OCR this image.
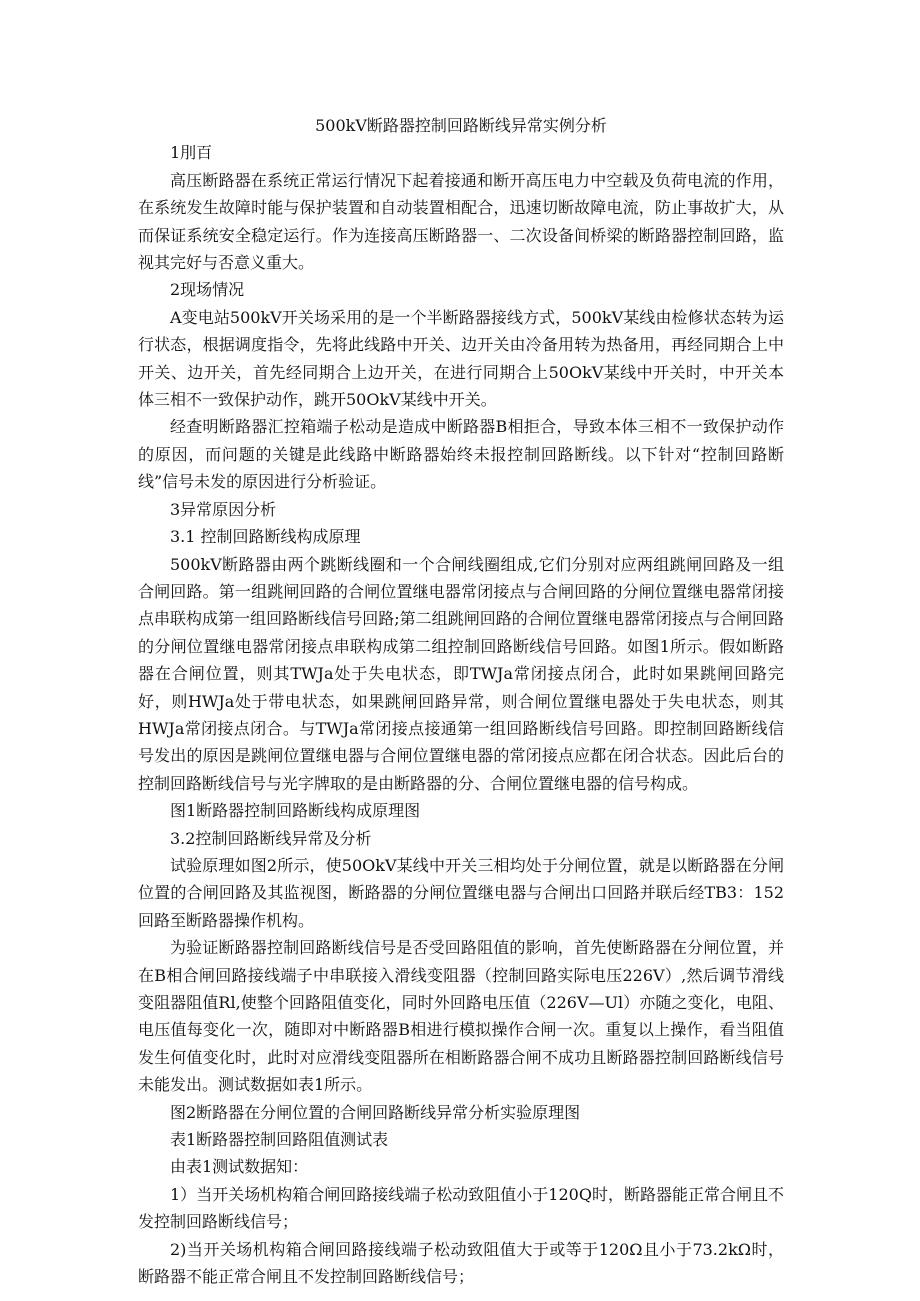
500kV断路器控制回路断线异常实例分析

1刖百

高压断路器在系统正常运行情况下起着接通和断开高压电力中空载及负荷电流的作用，在系统发生故障时能与保护装置和自动装置相配合，迅速切断故障电流，防止事故扩大，从而保证系统安全稳定运行。作为连接高压断路器一、二次设备间桥梁的断路器控制回路，监视其完好与否意义重大。

2现场情况

A变电站500kV开关场采用的是一个半断路器接线方式，500kV某线由检修状态转为运行状态，根据调度指令，先将此线路中开关、边开关由冷备用转为热备用，再经同期合上中开关、边开关，首先经同期合上边开关，在进行同期合上50OkV某线中开关时，中开关本体三相不一致保护动作，跳开50OkV某线中开关。

经查明断路器汇控箱端子松动是造成中断路器B相拒合，导致本体三相不一致保护动作的原因，而问题的关键是此线路中断路器始终未报控制回路断线。以下针对“控制回路断线”信号未发的原因进行分析验证。

3异常原因分析

3.1 控制回路断线构成原理

500kV断路器由两个跳断线圈和一个合闸线圈组成,它们分别对应两组跳闸回路及一组合闸回路。第一组跳闸回路的合闸位置继电器常闭接点与合闸回路的分闸位置继电器常闭接点串联构成第一组回路断线信号回路;第二组跳闸回路的合闸位置继电器常闭接点与合闸回路的分闸位置继电器常闭接点串联构成第二组控制回路断线信号回路。如图1所示。假如断路器在合闸位置，则其TWJa处于失电状态，即TWJa常闭接点闭合，此时如果跳闸回路完好，则HWJa处于带电状态，如果跳闸回路异常，则合闸位置继电器处于失电状态，则其HWJa常闭接点闭合。与TWJa常闭接点接通第一组回路断线信号回路。即控制回路断线信号发出的原因是跳闸位置继电器与合闸位置继电器的常闭接点应都在闭合状态。因此后台的控制回路断线信号与光字牌取的是由断路器的分、合闸位置继电器的信号构成。

图1断路器控制回路断线构成原理图

3.2控制回路断线异常及分析

试验原理如图2所示，使50OkV某线中开关三相均处于分闸位置，就是以断路器在分闸位置的合闸回路及其监视图，断路器的分闸位置继电器与合闸出口回路并联后经TB3：152回路至断路器操作机构。

为验证断路器控制回路断线信号是否受回路阻值的影响，首先使断路器在分闸位置，并在B相合闸回路接线端子中串联接入滑线变阻器（控制回路实际电压226V）,然后调节滑线变阻器阻值Rl,使整个回路阻值变化，同时外回路电压值（226V—Ul）亦随之变化，电阻、电压值每变化一次，随即对中断路器B相进行模拟操作合闸一次。重复以上操作，看当阻值发生何值变化时，此时对应滑线变阻器所在相断路器合闸不成功且断路器控制回路断线信号未能发出。测试数据如表1所示。

图2断路器在分闸位置的合闸回路断线异常分析实验原理图

表1断路器控制回路阻值测试表

由表1测试数据知：

1）当开关场机构箱合闸回路接线端子松动致阻值小于120Q时，断路器能正常合闸且不发控制回路断线信号；

2)当开关场机构箱合闸回路接线端子松动致阻值大于或等于120Ω且小于73.2kΩ时，断路器不能正常合闸且不发控制回路断线信号；
